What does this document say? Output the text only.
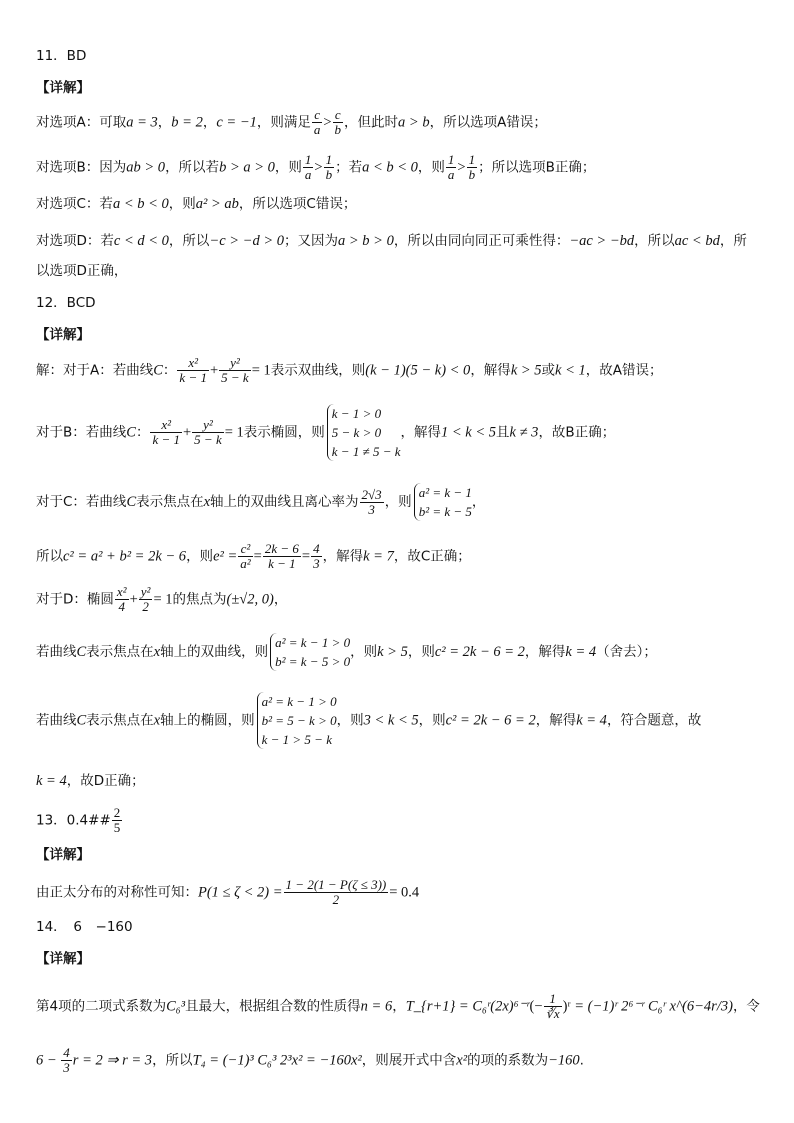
11．BD
【详解】
对选项A：可取a = 3，b = 2，c = −1，则满足 $\frac{c}{a} > \frac{c}{b}$ ，但此时a > b，所以选项A错误；
对选项B：因为ab > 0，所以若b > a > 0，则 $\frac{1}{a} > \frac{1}{b}$ ；若a < b < 0，则 $\frac{1}{a} > \frac{1}{b}$ ；所以选项B正确；
对选项C：若a < b < 0，则a² > ab，所以选项C错误；
对选项D：若c < d < 0，所以−c > −d > 0；又因为a > b > 0，所以由同向同正可乘性得：−ac > −bd，所以ac < bd，所
以选项D正确，
12．BCD
【详解】
解：对于A：若曲线C： $\frac{\text{x²}}{k - 1} + \frac{\text{y²}}{5 - k} = 1$表示双曲线，则(k − 1)(5 − k) < 0，解得k > 5或k < 1，故A错误；
对于B：若曲线C： $\frac{\text{x²}}{k - 1} + \frac{\text{y²}}{5 - k} = 1$表示椭圆，则
k − 1 > 0
5 − k > 0
k − 1 ≠ 5 − k
，解得1 < k < 5且k ≠ 3，故B正确；
对于C：若曲线C表示焦点在x轴上的双曲线且离心率为 $\frac{2√3}{3}$ ，则
a² = k − 1
b² = k − 5
，
所以c² = a² + b² = 2k − 6，则$e^2 = \frac{\text{c²}}{\text{a²}} = \frac{2k - 6}{k - 1} = \frac{4}{3}$ ，解得k = 7，故C正确；
对于D：椭圆 $\frac{\text{x²}}{4} + \frac{\text{y²}}{2} = 1$的焦点为(±√2, 0)，
若曲线C表示焦点在x轴上的双曲线，则
a² = k − 1 > 0
b² = k − 5 > 0
，则k > 5，则c² = 2k − 6 = 2，解得k = 4（舍去）；
若曲线C表示焦点在x轴上的椭圆，则
a² = k − 1 > 0
b² = 5 − k > 0
k − 1 > 5 − k
，则3 < k < 5，则c² = 2k − 6 = 2，解得k = 4，符合题意，故
k = 4，故D正确；
13．0.4## $\frac{2}{5}$
【详解】
由正太分布的对称性可知：$P(1 \le \zeta < 2) = \frac{1 - 2(1 - P(\zeta \le 3))}{2} = 0.4$
14．　6　−160
【详解】
第4项的二项式系数为C₆³且最大，根据组合数的性质得n = 6，T_{r+1} = C₆ʳ(2x)⁶⁻ʳ(− $\frac{1}{∛x}$ )ʳ = (−1)ʳ 2⁶⁻ʳ C₆ʳ x^(6−4r/3)，令
$6 - \frac{4}{3}$ r = 2 ⇒ r = 3，所以T₄ = (−1)³ C₆³ 2³x² = −160x²，则展开式中含x²的项的系数为−160.
